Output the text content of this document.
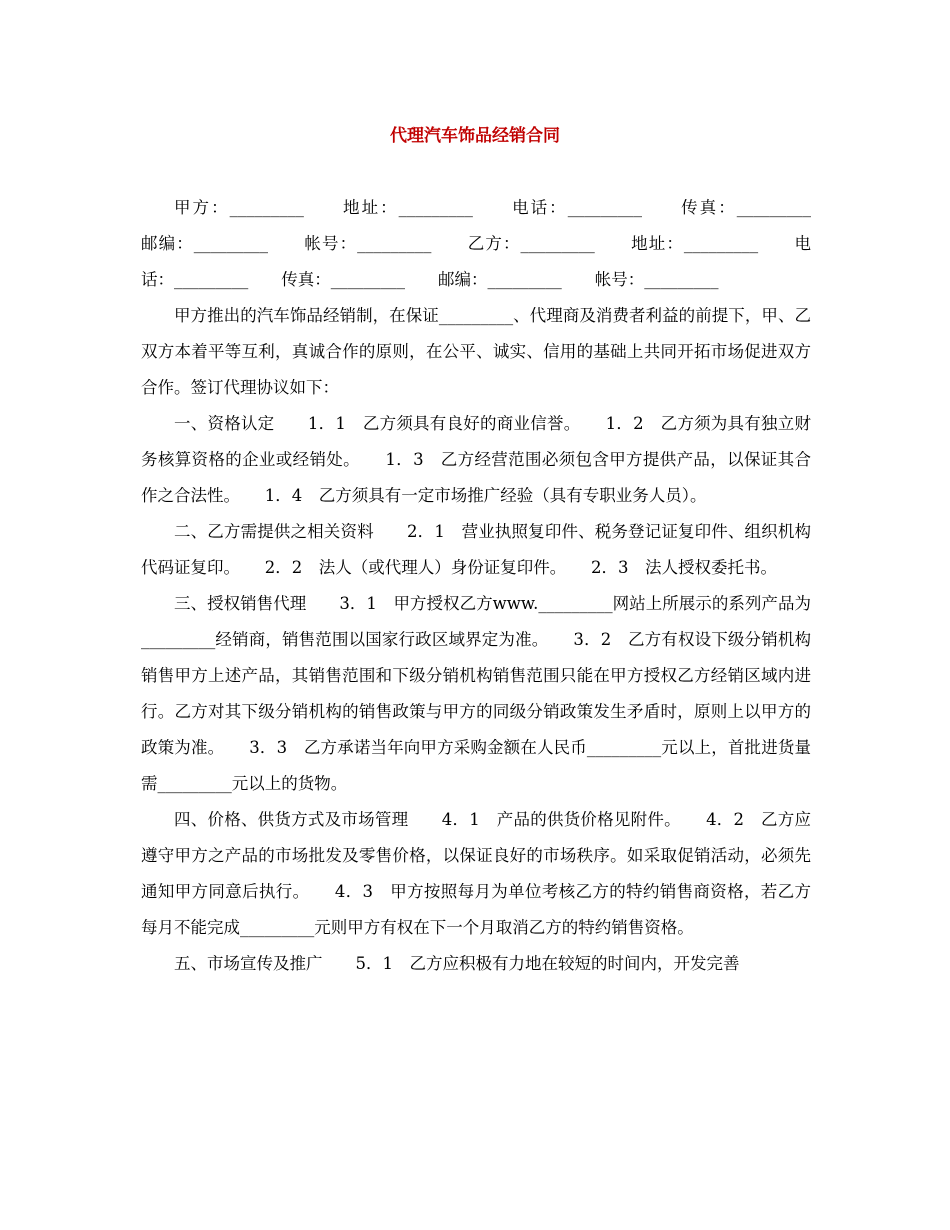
代理汽车饰品经销合同

甲方：_________　　地址：_________　　电话：_________　　传真：_________　　邮编：_________　　帐号：_________　　乙方：_________　　地址：_________　　电话：_________　　传真：_________　　邮编：_________　　帐号：_________

甲方推出的汽车饰品经销制，在保证_________、代理商及消费者利益的前提下，甲、乙双方本着平等互利，真诚合作的原则，在公平、诚实、信用的基础上共同开拓市场促进双方合作。签订代理协议如下：

一、资格认定　　1．1　乙方须具有良好的商业信誉。　　1．2　乙方须为具有独立财务核算资格的企业或经销处。　　1．3　乙方经营范围必须包含甲方提供产品，以保证其合作之合法性。　　1．4　乙方须具有一定市场推广经验（具有专职业务人员）。

二、乙方需提供之相关资料　　2．1　营业执照复印件、税务登记证复印件、组织机构代码证复印。　　2．2　法人（或代理人）身份证复印件。　　2．3　法人授权委托书。

三、授权销售代理　　3．1　甲方授权乙方www._________网站上所展示的系列产品为_________经销商，销售范围以国家行政区域界定为准。　　3．2　乙方有权设下级分销机构销售甲方上述产品，其销售范围和下级分销机构销售范围只能在甲方授权乙方经销区域内进行。乙方对其下级分销机构的销售政策与甲方的同级分销政策发生矛盾时，原则上以甲方的政策为准。　　3．3　乙方承诺当年向甲方采购金额在人民币_________元以上，首批进货量需_________元以上的货物。

四、价格、供货方式及市场管理　　4．1　产品的供货价格见附件。　　4．2　乙方应遵守甲方之产品的市场批发及零售价格，以保证良好的市场秩序。如采取促销活动，必须先通知甲方同意后执行。　　4．3　甲方按照每月为单位考核乙方的特约销售商资格，若乙方每月不能完成_________元则甲方有权在下一个月取消乙方的特约销售资格。

五、市场宣传及推广　　5．1　乙方应积极有力地在较短的时间内，开发完善
